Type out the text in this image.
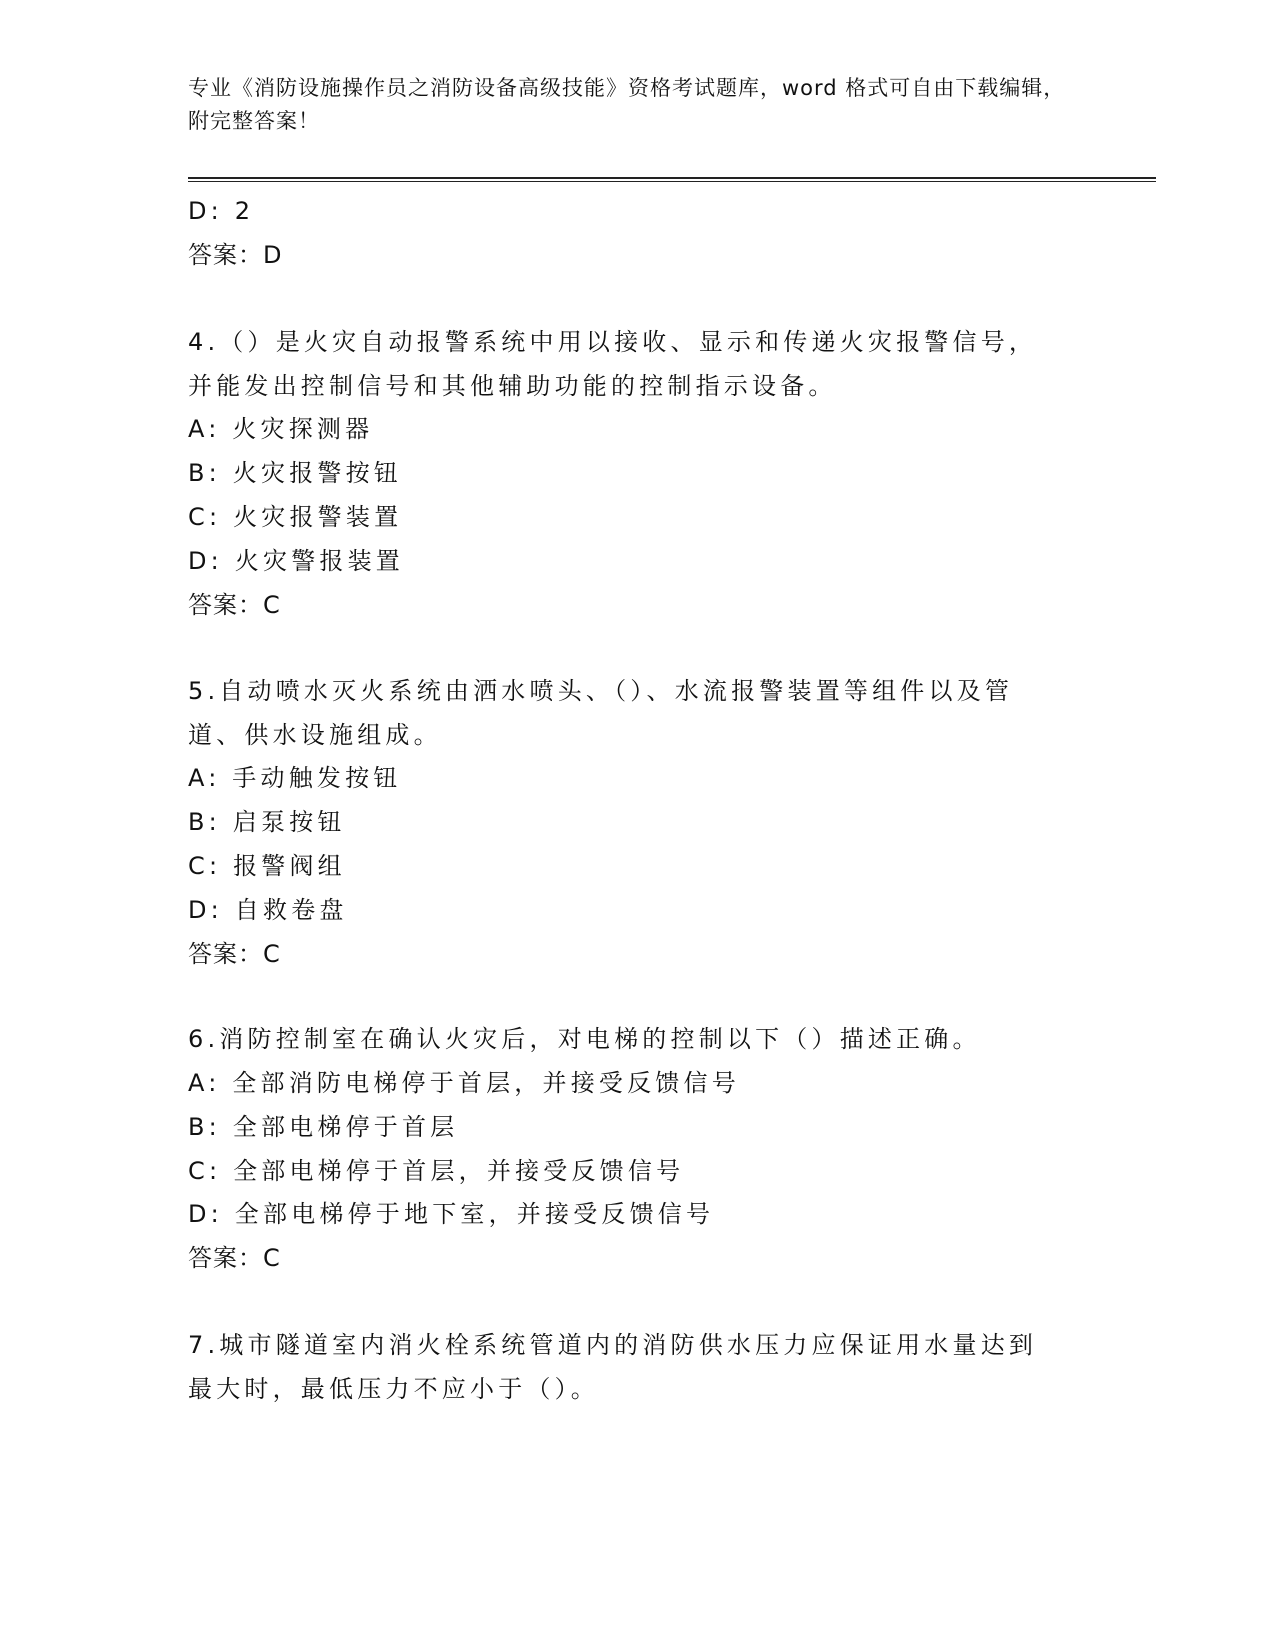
专业《消防设施操作员之消防设备高级技能》资格考试题库，word 格式可自由下载编辑，附完整答案！
D: 2
答案：D
4.（）是火灾自动报警系统中用以接收、显示和传递火灾报警信号，
并能发出控制信号和其他辅助功能的控制指示设备。
A: 火灾探测器
B: 火灾报警按钮
C: 火灾报警装置
D: 火灾警报装置
答案：C
5.自动喷水灭火系统由洒水喷头、（）、水流报警装置等组件以及管
道、供水设施组成。
A: 手动触发按钮
B: 启泵按钮
C: 报警阀组
D: 自救卷盘
答案：C
6.消防控制室在确认火灾后，对电梯的控制以下（）描述正确。
A: 全部消防电梯停于首层，并接受反馈信号
B: 全部电梯停于首层
C: 全部电梯停于首层，并接受反馈信号
D: 全部电梯停于地下室，并接受反馈信号
答案：C
7.城市隧道室内消火栓系统管道内的消防供水压力应保证用水量达到
最大时，最低压力不应小于（）。
